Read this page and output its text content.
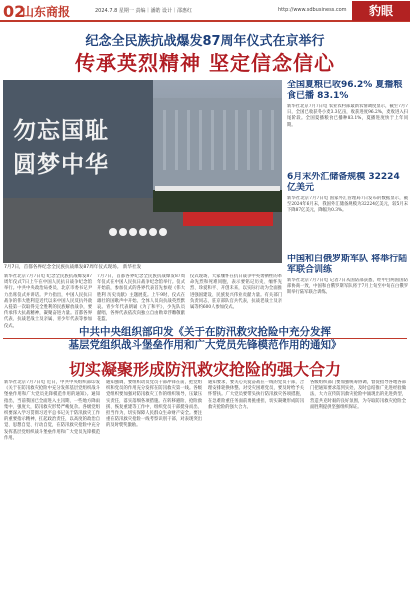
02
山东商报	2024.7.8 星期一 责编｜潘皓 设计｜邵惠红	http://www.sdbusiness.com	豹眼
纪念全民族抗战爆发87周年仪式在京举行
传承英烈精神 坚定信念信心
勿忘国耻
圆梦中华
7月7日，首都各界纪念全民族抗战爆发87周年仪式现场。 新华社发
新华社北京7月7日电 纪念全民族抗战爆发87周年仪式7日上午在中国人民抗日战争纪念馆举行。中共中央政治局委员、北京市委书记尹力出席仪式并讲话。尹力指出，中国人民抗日战争的伟大胜利是近代以来中国人民反抗外敌入侵第一次取得完全胜利的民族解放战争，要传承伟大抗战精神，凝聚奋进力量。首都各界代表、抗战老战士及亲属、青少年代表等参加仪式。
7月7日，首都各界纪念全民族抗战爆发87周年仪式在中国人民抗日战争纪念馆举行。仪式开始前，参加仪式的各界代表首先参观《伟大胜利 历史贡献》主题展览。上午9时，仪式在雄壮的国歌声中开始。全体人员向抗战英烈默哀。青少年代表朗诵《为了和平》，少先队员献唱，各界代表依次向独立自由勋章浮雕敬献花篮。
仪式现场，大家缅怀在抗日战争中英勇牺牲的革命先烈和死难同胞，表示要铭记历史、缅怀先烈、珍爱和平、开创未来，以实际行动为全面推进强国建设、民族复兴伟业贡献力量。有关部门负责同志，驻京部队官兵代表，抗战老战士及亲属等约600人参加仪式。
全国夏粮已收96.2% 夏播粮食已播 83.1%
新华社北京7月7日电 农业农村部最新农情调度显示，截至7月7日，全国已收获冬小麦3.3亿亩，收获进度96.2%，麦收进入扫尾阶段。全国夏播粮食已播种83.1%，夏播进度快于上年同期。
6月末外汇储备规模 32224 亿美元
新华社北京7月7日电 国家外汇管理局7日发布的数据显示，截至2024年6月末，我国外汇储备规模为32224亿美元，较5月末下降87亿美元，降幅为0.3%。
中国和白俄罗斯军队 将举行陆军联合训练
新华社北京7月7日电 记者7日从国防部获悉，经中白两国国防部协商一致，中国和白俄罗斯军队将于7月上旬至中旬在白俄罗斯举行陆军联合训练。
中共中央组织部印发《关于在防汛救灾抢险中充分发挥
基层党组织战斗堡垒作用和广大党员先锋模范作用的通知》
切实凝聚形成防汛救灾抢险的强大合力
新华社北京7月7日电 近日，中共中央组织部印发《关于在防汛救灾抢险中充分发挥基层党组织战斗堡垒作用和广大党员先锋模范作用的通知》。通知指出，当前我国已全面进入主汛期，一些地方降雨集中、强度大，防汛救灾形势严峻复杂。各级党组织要深入学习贯彻习近平总书记关于防汛救灾工作的重要指示精神，扛起政治责任，以高度的政治自觉、思想自觉、行动自觉，在防汛救灾抢险中充分发挥基层党组织战斗堡垒作用和广大党员先锋模范作用。
通知强调，要组织动员党员干部冲锋在前，把党组织和党员的作用充分发挥在防汛救灾第一线。各级党组织要加强对防汛救灾工作的组织领导，压紧压实责任，落实落细各项措施。在转移避险、抢险救援、恢复重建等工作中，组织党员干部挺身而出、担当作为，切实保障人民群众生命财产安全。要注重在防汛救灾抢险一线考察识别干部，对表现突出的及时褒奖激励。
通知要求，要关心关爱奋战在一线的党员干部，合理安排轮换休整。对受灾困难党员，要及时给予关怀帮扶。广大党员要带头执行防汛救灾各项措施，在急难险重任务面前勇挑重担，切实凝聚形成防汛救灾抢险的强大合力。
各级组织部门要加强统筹协调，督促指导各地各部门把通知要求落到实处，及时总结推广先进经验做法，大力宣传防汛救灾抢险中涌现出的先进典型，营造共克时艰的良好氛围，为夺取防汛救灾抢险全面胜利提供坚强组织保证。
